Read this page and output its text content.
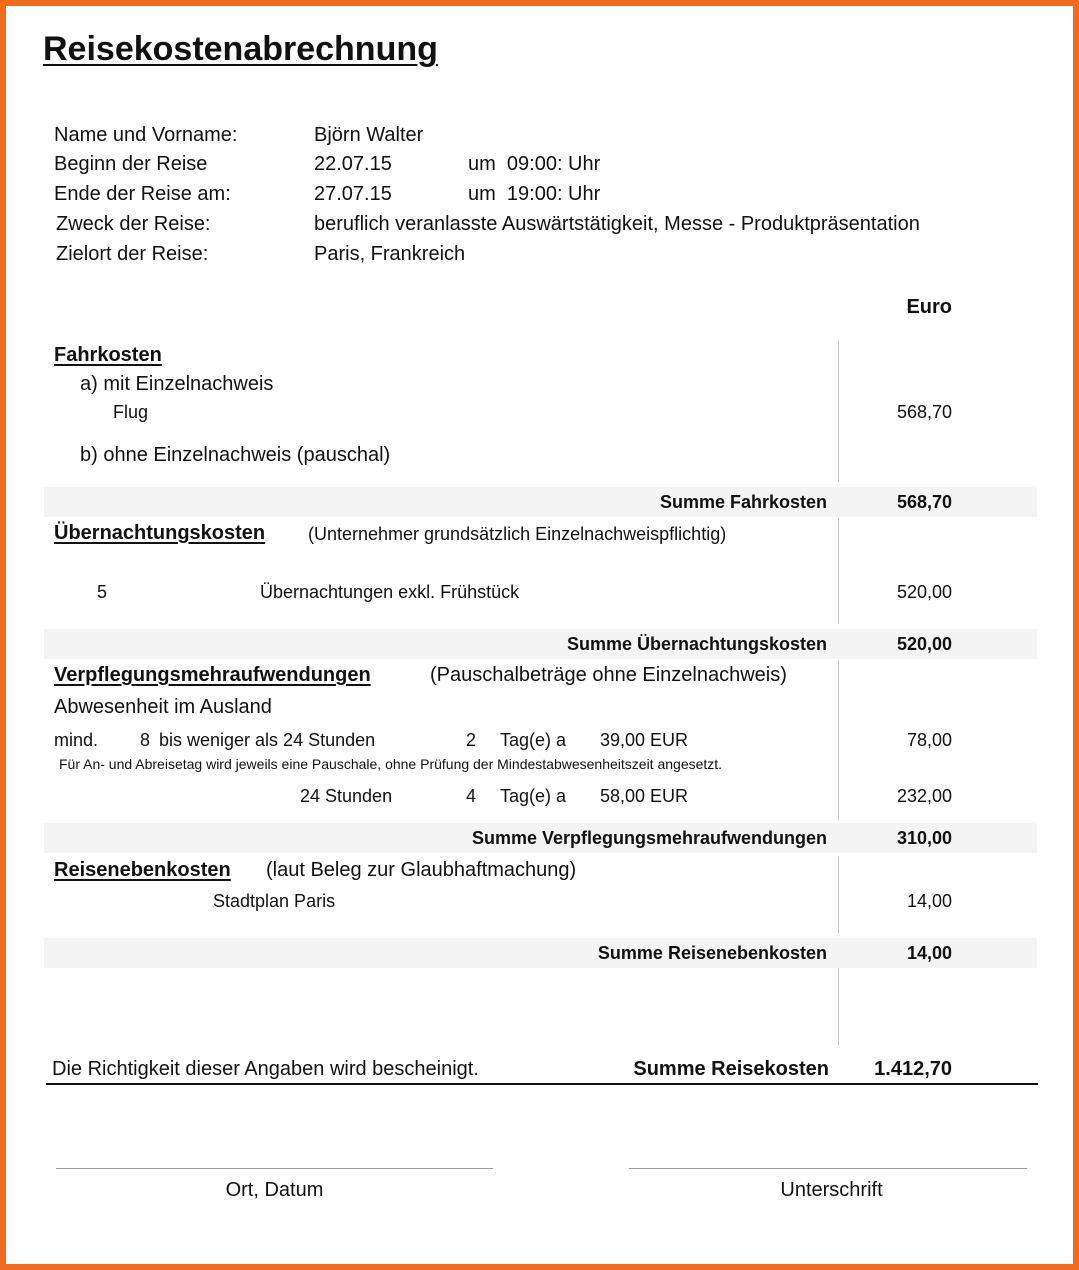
Reisekostenabrechnung
Name und Vorname:	Björn Walter
Beginn der Reise	22.07.15	um  09:00: Uhr
Ende der Reise am:	27.07.15	um  19:00: Uhr
Zweck der Reise:	beruflich veranlasste Auswärtstätigkeit, Messe - Produktpräsentation
Zielort der Reise:	Paris, Frankreich
Euro
Fahrkosten
a) mit Einzelnachweis
Flug	568,70
b) ohne Einzelnachweis (pauschal)
Summe Fahrkosten	568,70
Übernachtungskosten (Unternehmer grundsätzlich Einzelnachweispflichtig)
5	Übernachtungen exkl. Frühstück	520,00
Summe Übernachtungskosten	520,00
Verpflegungsmehraufwendungen	(Pauschalbeträge ohne Einzelnachweis)
Abwesenheit im Ausland
mind. 8 bis weniger als 24 Stunden	2 Tag(e) a 39,00 EUR	78,00
Für An- und Abreisetag wird jeweils eine Pauschale, ohne Prüfung der Mindestabwesenheitszeit angesetzt.
24 Stunden	4 Tag(e) a 58,00 EUR	232,00
Summe Verpflegungsmehraufwendungen	310,00
Reisenebenkosten (laut Beleg zur Glaubhaftmachung)
Stadtplan Paris	14,00
Summe Reisenebenkosten	14,00
Die Richtigkeit dieser Angaben wird bescheinigt.	Summe Reisekosten	1.412,70
Ort, Datum	Unterschrift
